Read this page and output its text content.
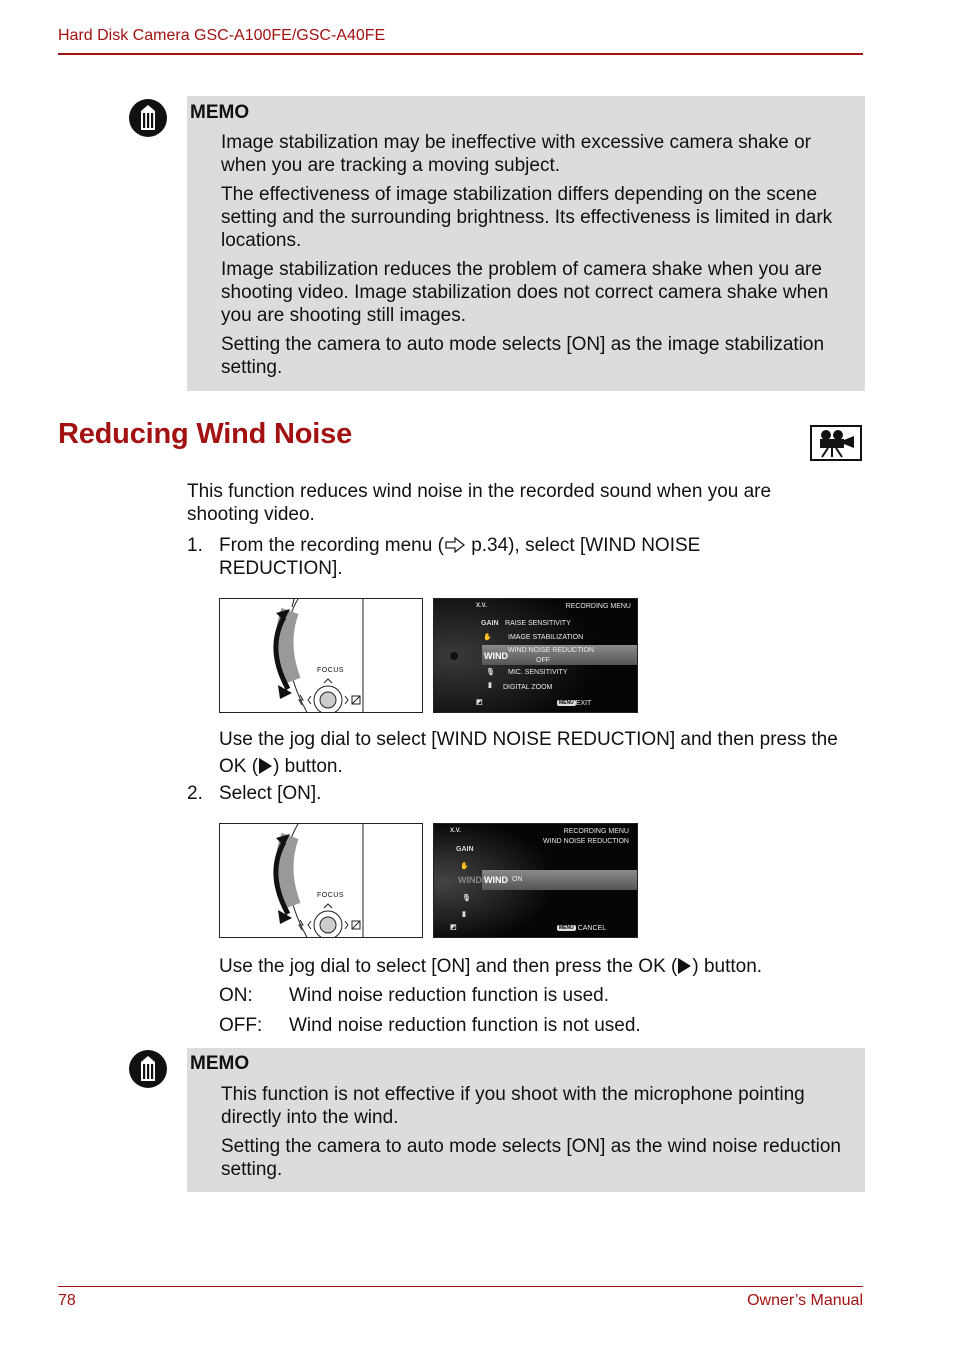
Hard Disk Camera GSC-A100FE/GSC-A40FE
MEMO

Image stabilization may be ineffective with excessive camera shake or when you are tracking a moving subject.

The effectiveness of image stabilization differs depending on the scene setting and the surrounding brightness. Its effectiveness is limited in dark locations.

Image stabilization reduces the problem of camera shake when you are shooting video. Image stabilization does not correct camera shake when you are shooting still images.

Setting the camera to auto mode selects [ON] as the image stabilization setting.

Reducing Wind Noise

This function reduces wind noise in the recorded sound when you are shooting video.

1. From the recording menu ( p.34), select [WIND NOISE REDUCTION].

FOCUS
RECORDING MENU
X.V.
GAIN RAISE SENSITIVITY
✋ IMAGE STABILIZATION
WIND
WIND NOISE REDUCTION
OFF
🎙 MIC. SENSITIVITY
▮ DIGITAL ZOOM
◩	MENU EXIT

Use the jog dial to select [WIND NOISE REDUCTION] and then press the OK ( ) button.

2. Select [ON].

FOCUS
X.V.	RECORDING MENU
WIND NOISE REDUCTION
GAIN
✋
WIND
🎙
▮
◩
WIND ON
MENU CANCEL

Use the jog dial to select [ON] and then press the OK ( ) button.

ON: Wind noise reduction function is used.
OFF: Wind noise reduction function is not used.
MEMO

This function is not effective if you shoot with the microphone pointing directly into the wind.

Setting the camera to auto mode selects [ON] as the wind noise reduction setting.

78	Owner’s Manual
